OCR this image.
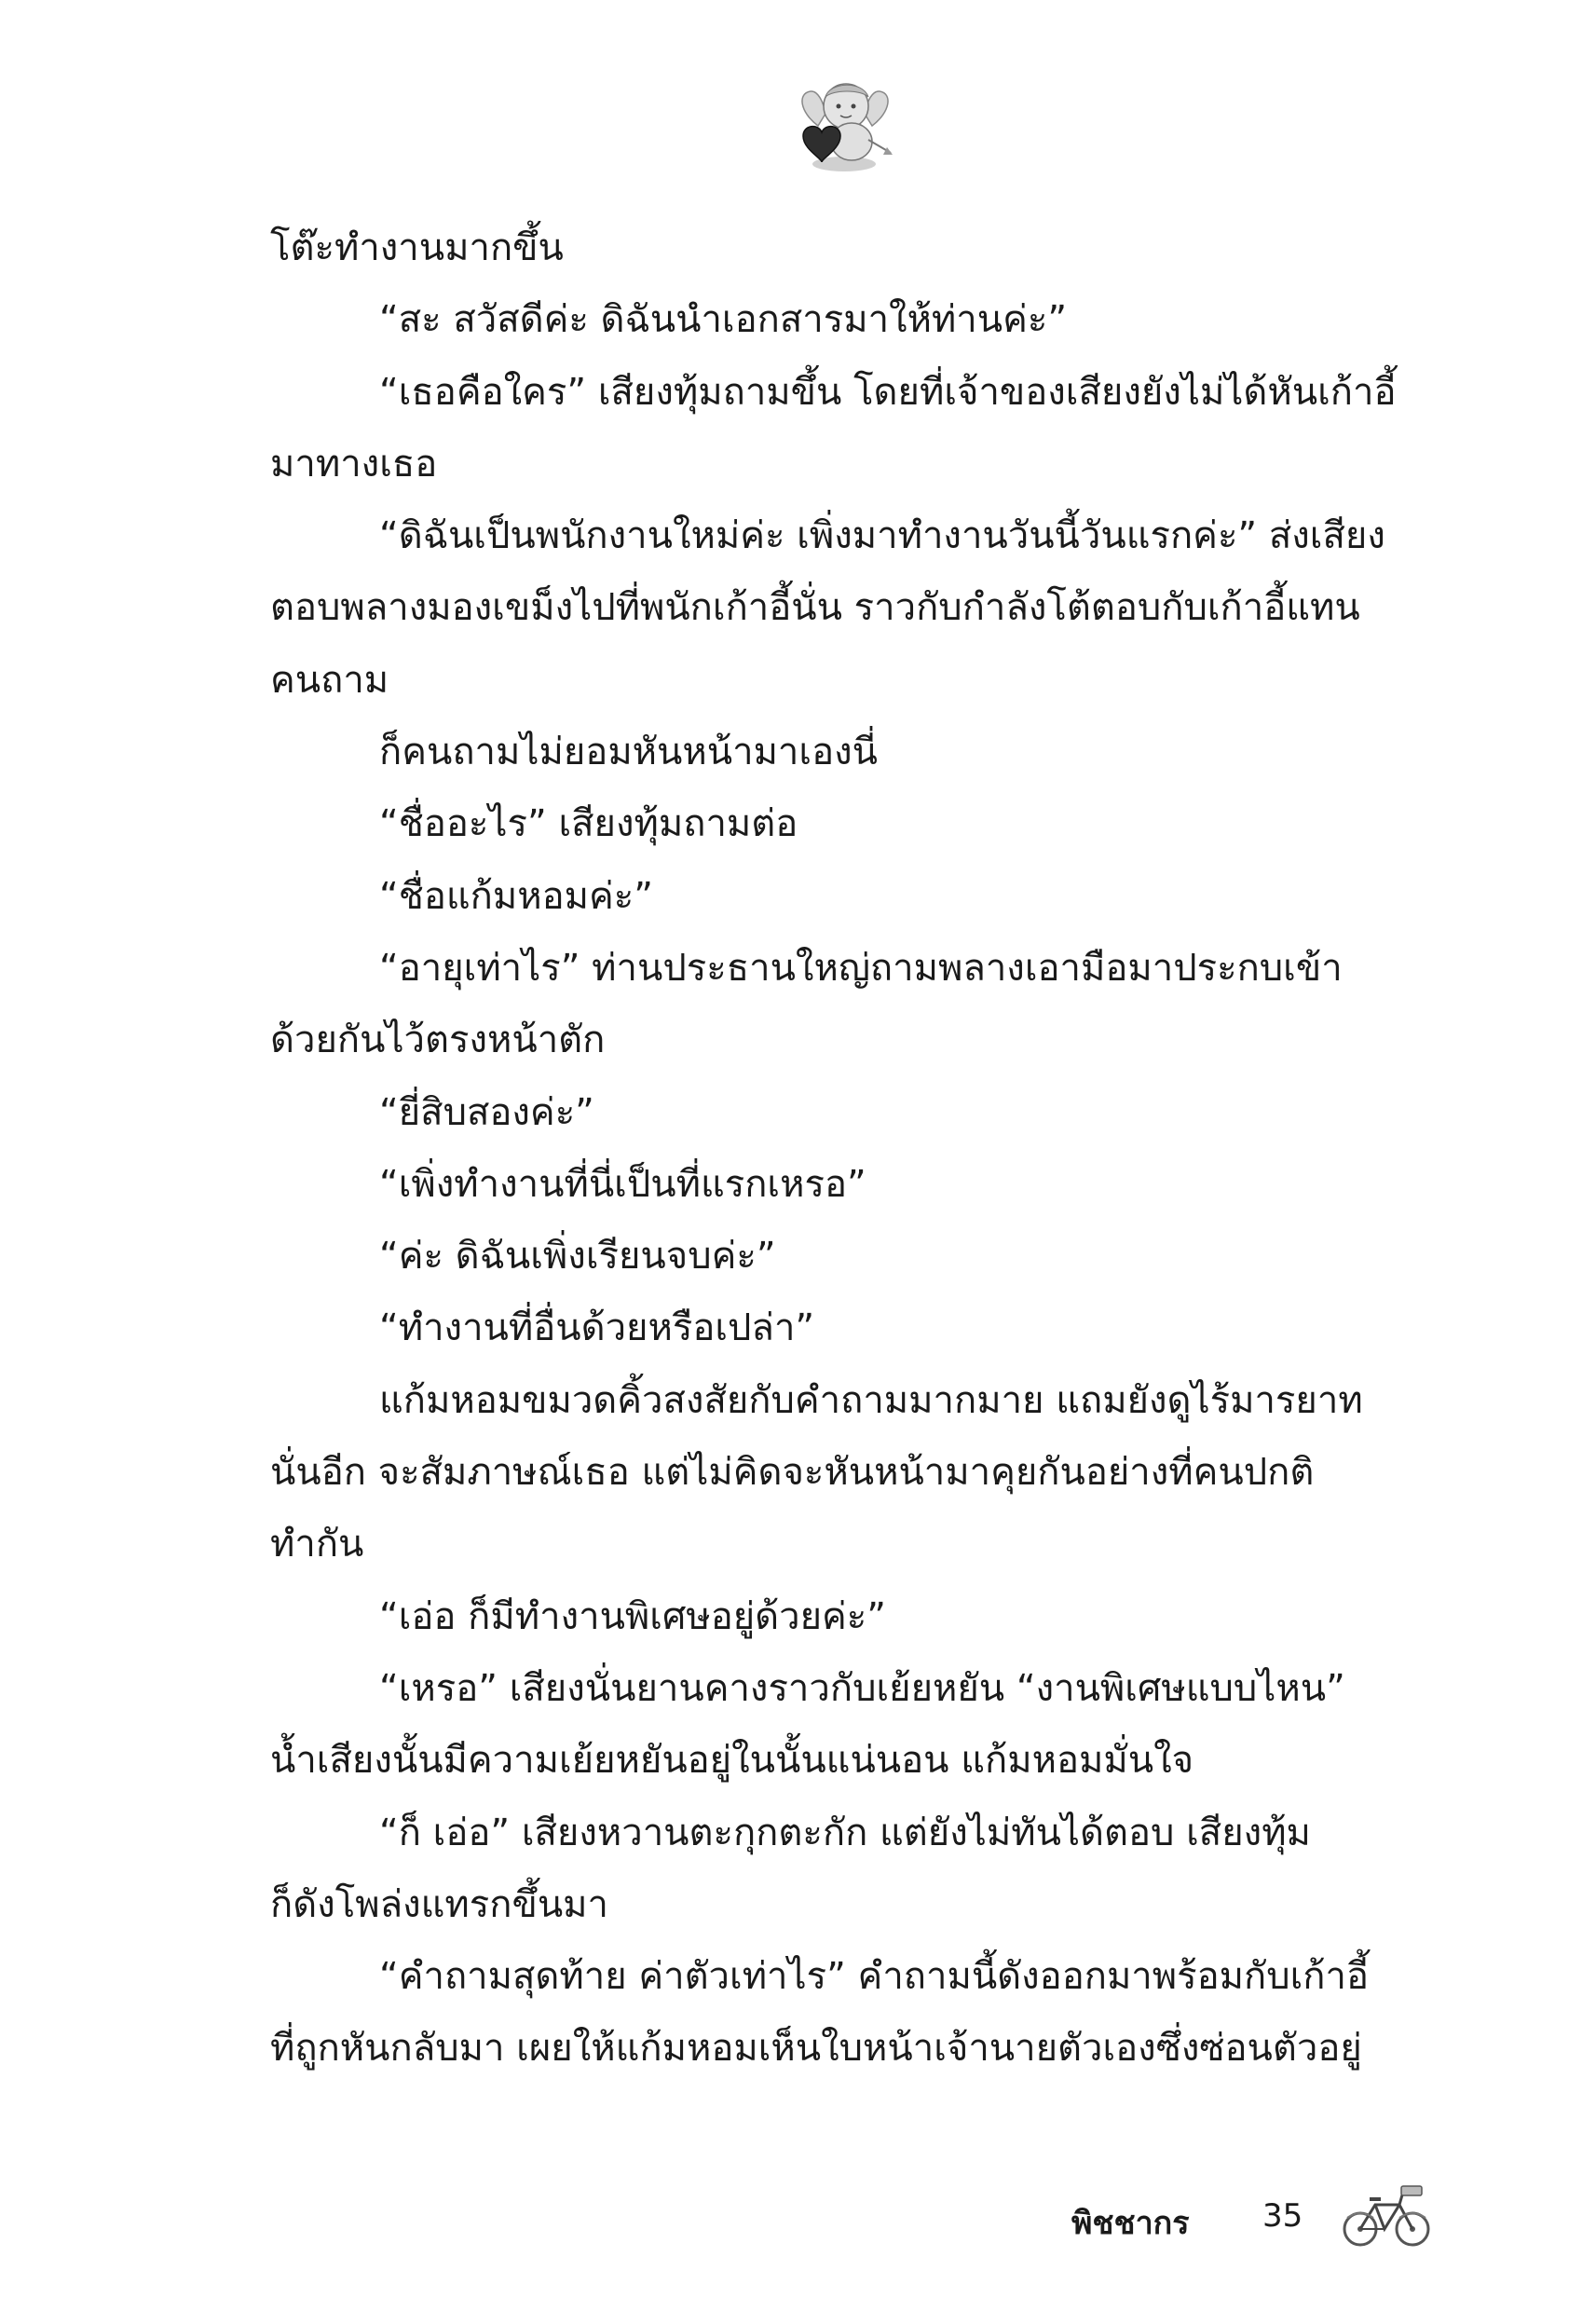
โต๊ะทำงานมากขึ้น
“สะ สวัสดีค่ะ ดิฉันนำเอกสารมาให้ท่านค่ะ”
“เธอคือใคร” เสียงทุ้มถามขึ้น โดยที่เจ้าของเสียงยังไม่ได้หันเก้าอี้
มาทางเธอ
“ดิฉันเป็นพนักงานใหม่ค่ะ เพิ่งมาทำงานวันนี้วันแรกค่ะ” ส่งเสียง
ตอบพลางมองเขม็งไปที่พนักเก้าอี้นั่น ราวกับกำลังโต้ตอบกับเก้าอี้แทน
คนถาม
ก็คนถามไม่ยอมหันหน้ามาเองนี่
“ชื่ออะไร” เสียงทุ้มถามต่อ
“ชื่อแก้มหอมค่ะ”
“อายุเท่าไร” ท่านประธานใหญ่ถามพลางเอามือมาประกบเข้า
ด้วยกันไว้ตรงหน้าตัก
“ยี่สิบสองค่ะ”
“เพิ่งทำงานที่นี่เป็นที่แรกเหรอ”
“ค่ะ ดิฉันเพิ่งเรียนจบค่ะ”
“ทำงานที่อื่นด้วยหรือเปล่า”
แก้มหอมขมวดคิ้วสงสัยกับคำถามมากมาย แถมยังดูไร้มารยาท
นั่นอีก จะสัมภาษณ์เธอ แต่ไม่คิดจะหันหน้ามาคุยกันอย่างที่คนปกติ
ทำกัน
“เอ่อ ก็มีทำงานพิเศษอยู่ด้วยค่ะ”
“เหรอ” เสียงนั่นยานคางราวกับเย้ยหยัน “งานพิเศษแบบไหน”
น้ำเสียงนั้นมีความเย้ยหยันอยู่ในนั้นแน่นอน แก้มหอมมั่นใจ
“ก็ เอ่อ” เสียงหวานตะกุกตะกัก แต่ยังไม่ทันได้ตอบ เสียงทุ้ม
ก็ดังโพล่งแทรกขึ้นมา
“คำถามสุดท้าย ค่าตัวเท่าไร” คำถามนี้ดังออกมาพร้อมกับเก้าอี้
ที่ถูกหันกลับมา เผยให้แก้มหอมเห็นใบหน้าเจ้านายตัวเองซึ่งซ่อนตัวอยู่
พิชชากร 35
